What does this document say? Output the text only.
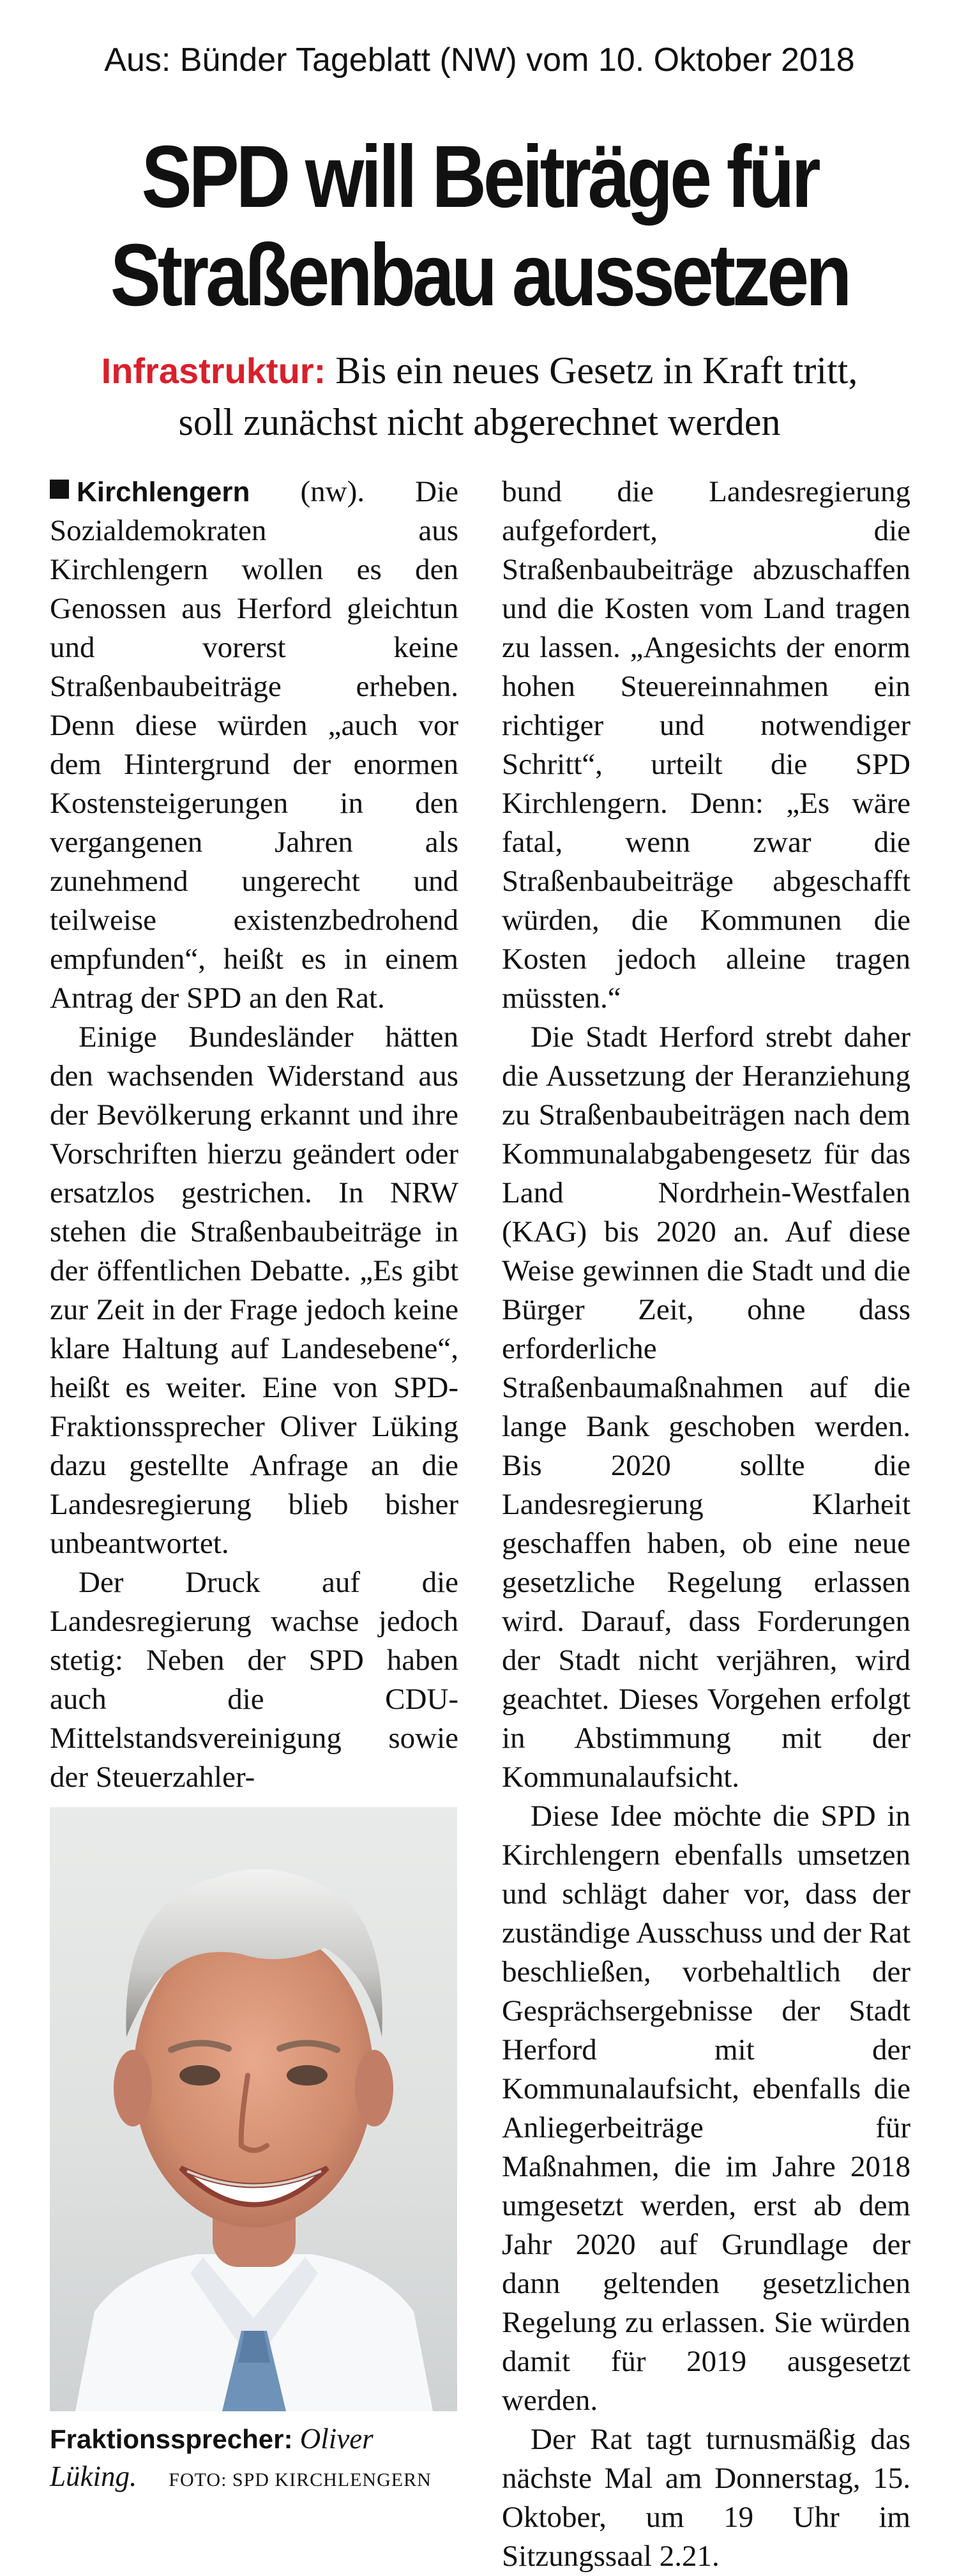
Aus: Bünder Tageblatt (NW) vom 10. Oktober 2018
SPD will Beiträge für
Straßenbau aussetzen
Infrastruktur: Bis ein neues Gesetz in Kraft tritt,
soll zunächst nicht abgerechnet werden

Kirchlengern (nw). Die Sozialdemokraten aus Kirchlengern wollen es den Genossen aus Herford gleichtun und vorerst keine Straßenbaubeiträge erheben. Denn diese würden „auch vor dem Hintergrund der enormen Kostensteigerungen in den vergangenen Jahren als zunehmend ungerecht und teilweise existenzbedrohend empfunden“, heißt es in einem Antrag der SPD an den Rat.

Einige Bundesländer hätten den wachsenden Widerstand aus der Bevölkerung erkannt und ihre Vorschriften hierzu geändert oder ersatzlos gestrichen. In NRW stehen die Straßenbaubeiträge in der öffentlichen Debatte. „Es gibt zur Zeit in der Frage jedoch keine klare Haltung auf Landesebene“, heißt es weiter. Eine von SPD-Fraktionssprecher Oliver Lüking dazu gestellte Anfrage an die Landesregierung blieb bisher unbeantwortet.

Der Druck auf die Landesregierung wachse jedoch stetig: Neben der SPD haben auch die CDU-Mittelstandsvereinigung sowie der Steuerzahler-

Fraktionssprecher: Oliver Lüking. FOTO: SPD KIRCHLENGERN

bund die Landesregierung aufgefordert, die Straßenbaubeiträge abzuschaffen und die Kosten vom Land tragen zu lassen. „Angesichts der enorm hohen Steuereinnahmen ein richtiger und notwendiger Schritt“, urteilt die SPD Kirchlengern. Denn: „Es wäre fatal, wenn zwar die Straßenbaubeiträge abgeschafft würden, die Kommunen die Kosten jedoch alleine tragen müssten.“

Die Stadt Herford strebt daher die Aussetzung der Heranziehung zu Straßenbaubeiträgen nach dem Kommunalabgabengesetz für das Land Nordrhein-Westfalen (KAG) bis 2020 an. Auf diese Weise gewinnen die Stadt und die Bürger Zeit, ohne dass erforderliche Straßenbaumaßnahmen auf die lange Bank geschoben werden. Bis 2020 sollte die Landesregierung Klarheit geschaffen haben, ob eine neue gesetzliche Regelung erlassen wird. Darauf, dass Forderungen der Stadt nicht verjähren, wird geachtet. Dieses Vorgehen erfolgt in Abstimmung mit der Kommunalaufsicht.

Diese Idee möchte die SPD in Kirchlengern ebenfalls umsetzen und schlägt daher vor, dass der zuständige Ausschuss und der Rat beschließen, vorbehaltlich der Gesprächsergebnisse der Stadt Herford mit der Kommunalaufsicht, ebenfalls die Anliegerbeiträge für Maßnahmen, die im Jahre 2018 umgesetzt werden, erst ab dem Jahr 2020 auf Grundlage der dann geltenden gesetzlichen Regelung zu erlassen. Sie würden damit für 2019 ausgesetzt werden.

Der Rat tagt turnusmäßig das nächste Mal am Donnerstag, 15. Oktober, um 19 Uhr im Sitzungssaal 2.21.
